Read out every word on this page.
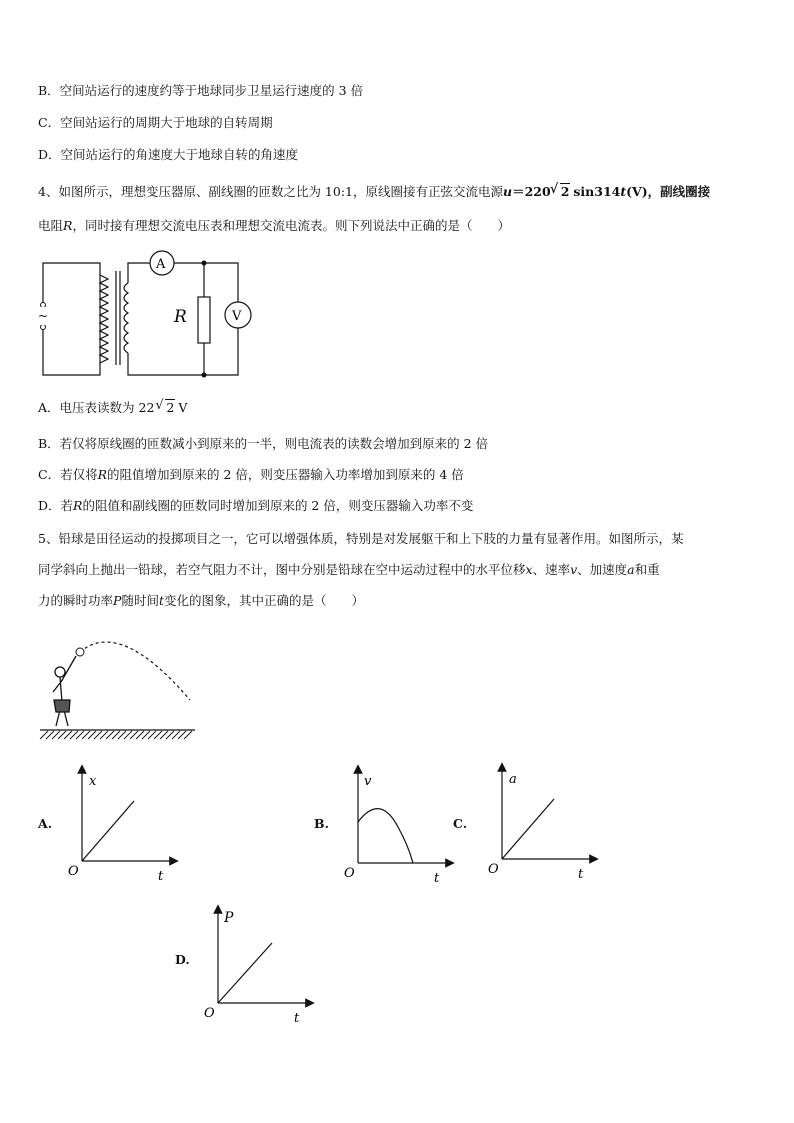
B．空间站运行的速度约等于地球同步卫星运行速度的 3 倍
C．空间站运行的周期大于地球的自转周期
D．空间站运行的角速度大于地球自转的角速度
4、如图所示，理想变压器原、副线圈的匝数之比为 10:1，原线圈接有正弦交流电源u＝220 √ 2 sin314t(V)，副线圈接
电阻R，同时接有理想交流电压表和理想交流电流表。则下列说法中正确的是（　　）
~
A
V
R
A．电压表读数为 22 √ 2 V
B．若仅将原线圈的匝数减小到原来的一半，则电流表的读数会增加到原来的 2 倍
C．若仅将R的阻值增加到原来的 2 倍，则变压器输入功率增加到原来的 4 倍
D．若R的阻值和副线圈的匝数同时增加到原来的 2 倍，则变压器输入功率不变
5、铅球是田径运动的投掷项目之一，它可以增强体质，特别是对发展躯干和上下肢的力量有显著作用。如图所示，某
同学斜向上抛出一铅球，若空气阻力不计，图中分别是铅球在空中运动过程中的水平位移x、速率v、加速度a和重
力的瞬时功率P随时间t变化的图象，其中正确的是（　　）
A.
x
t
O
B.
v
t
O
C.
a
t
O
D.
P
t
O
